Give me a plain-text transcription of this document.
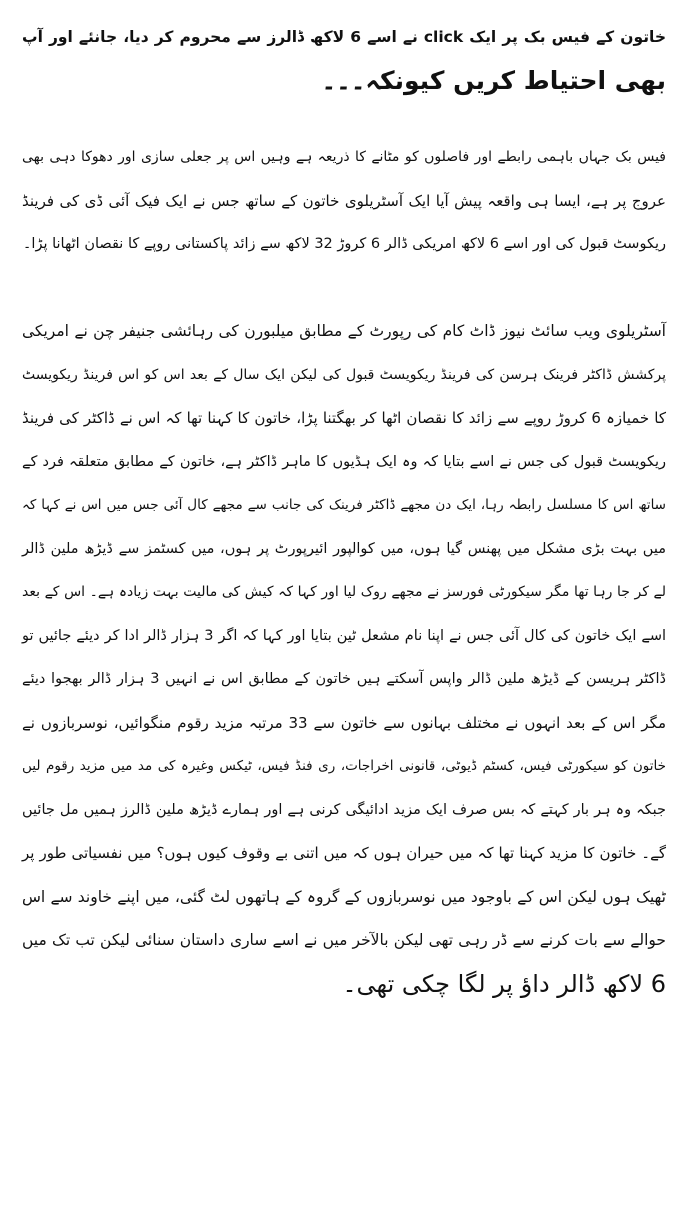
خاتون کے فیس بک پر ایک click نے اسے 6 لاکھ ڈالرز سے محروم کر دیا، جانئے اور آپ
بھی احتیاط کریں کیونکہ۔۔۔
فیس بک جہاں باہمی رابطے اور فاصلوں کو مٹانے کا ذریعہ ہے وہیں اس پر جعلی سازی اور دھوکا دہی بھی
عروج پر ہے، ایسا ہی واقعہ پیش آیا ایک آسٹریلوی خاتون کے ساتھ جس نے ایک فیک آئی ڈی کی فرینڈ
ریکوسٹ قبول کی اور اسے 6 لاکھ امریکی ڈالر 6 کروڑ 32 لاکھ سے زائد پاکستانی روپے کا نقصان اٹھانا پڑا۔
آسٹریلوی ویب سائٹ نیوز ڈاٹ کام کی رپورٹ کے مطابق میلبورن کی رہائشی جنیفر چن نے امریکی
پرکشش ڈاکٹر فرینک ہرسن کی فرینڈ ریکویسٹ قبول کی لیکن ایک سال کے بعد اس کو اس فرینڈ ریکویسٹ
کا خمیازہ 6 کروڑ روپے سے زائد کا نقصان اٹھا کر بھگتنا پڑا، خاتون کا کہنا تھا کہ اس نے ڈاکٹر کی فرینڈ
ریکویسٹ قبول کی جس نے اسے بتایا کہ وہ ایک ہڈیوں کا ماہر ڈاکٹر ہے، خاتون کے مطابق متعلقہ فرد کے
ساتھ اس کا مسلسل رابطہ رہا، ایک دن مجھے ڈاکٹر فرینک کی جانب سے مجھے کال آئی جس میں اس نے کہا کہ
میں بہت بڑی مشکل میں پھنس گیا ہوں، میں کوالپور ائیرپورٹ پر ہوں، میں کسٹمز سے ڈیڑھ ملین ڈالر
لے کر جا رہا تھا مگر سیکورٹی فورسز نے مجھے روک لیا اور کہا کہ کیش کی مالیت بہت زیادہ ہے۔ اس کے بعد
اسے ایک خاتون کی کال آئی جس نے اپنا نام مشعل ٹین بتایا اور کہا کہ اگر 3 ہزار ڈالر ادا کر دیئے جائیں تو
ڈاکٹر ہریسن کے ڈیڑھ ملین ڈالر واپس آسکتے ہیں خاتون کے مطابق اس نے انہیں 3 ہزار ڈالر بھجوا دیئے
مگر اس کے بعد انہوں نے مختلف بہانوں سے خاتون سے 33 مرتبہ مزید رقوم منگوائیں، نوسربازوں نے
خاتون کو سیکورٹی فیس، کسٹم ڈیوٹی، قانونی اخراجات، ری فنڈ فیس، ٹیکس وغیرہ کی مد میں مزید رقوم لیں
جبکہ وہ ہر بار کہتے کہ بس صرف ایک مزید ادائیگی کرنی ہے اور ہمارے ڈیڑھ ملین ڈالرز ہمیں مل جائیں
گے۔ خاتون کا مزید کہنا تھا کہ میں حیران ہوں کہ میں اتنی بے وقوف کیوں ہوں؟ میں نفسیاتی طور پر
ٹھیک ہوں لیکن اس کے باوجود میں نوسربازوں کے گروہ کے ہاتھوں لٹ گئی، میں اپنے خاوند سے اس
حوالے سے بات کرنے سے ڈر رہی تھی لیکن بالآخر میں نے اسے ساری داستان سنائی لیکن تب تک میں
6 لاکھ ڈالر داؤ پر لگا چکی تھی۔
